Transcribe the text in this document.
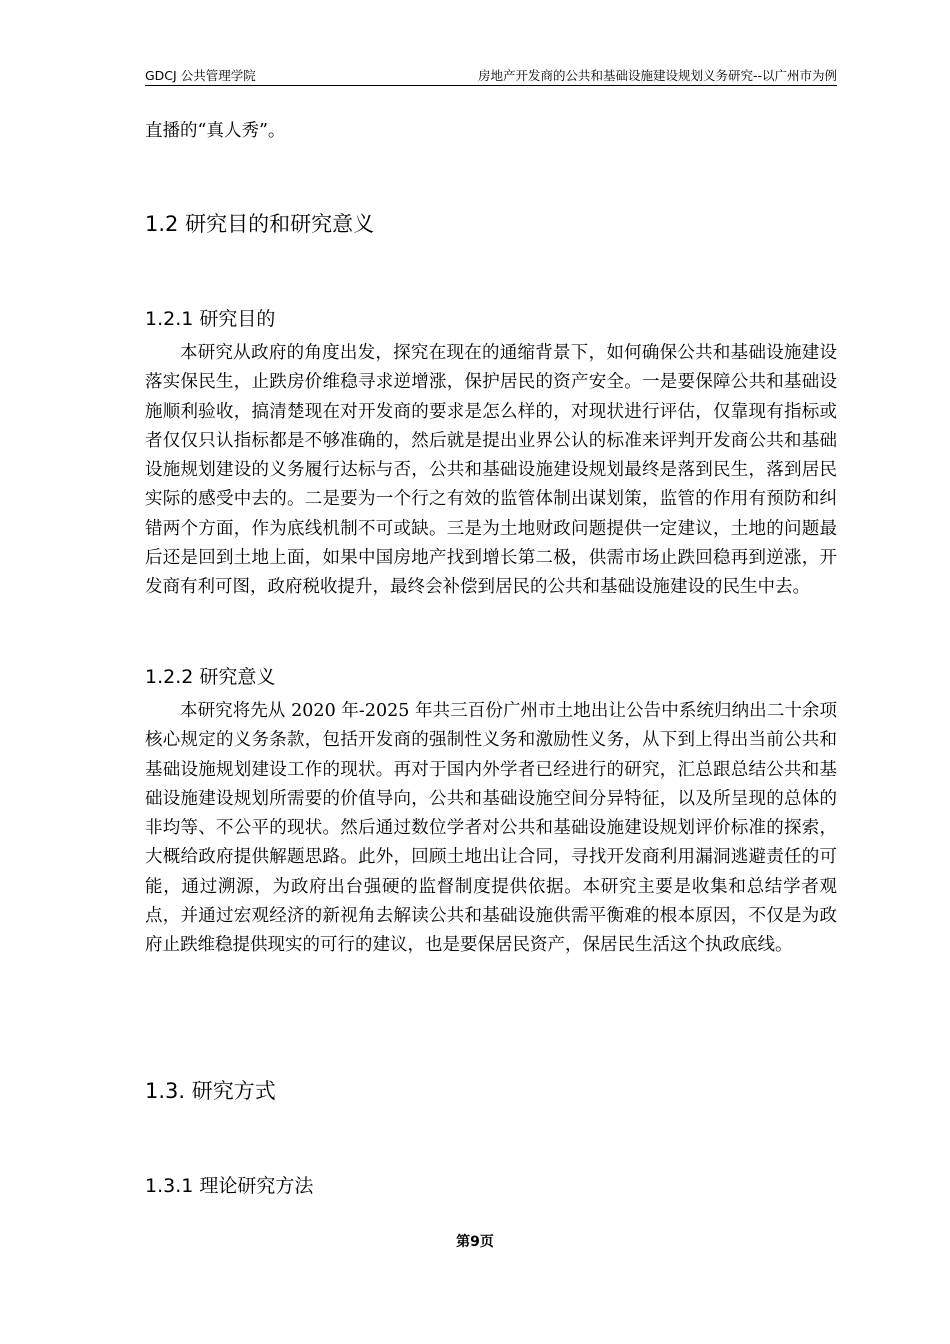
GDCJ 公共管理学院	房地产开发商的公共和基础设施建设规划义务研究--以广州市为例

直播的“真人秀”。

1.2 研究目的和研究意义
1.2.1 研究目的

本研究从政府的角度出发，探究在现在的通缩背景下，如何确保公共和基础设施建设落实保民生，止跌房价维稳寻求逆增涨，保护居民的资产安全。一是要保障公共和基础设施顺利验收，搞清楚现在对开发商的要求是怎么样的，对现状进行评估，仅靠现有指标或者仅仅只认指标都是不够准确的，然后就是提出业界公认的标准来评判开发商公共和基础设施规划建设的义务履行达标与否，公共和基础设施建设规划最终是落到民生，落到居民实际的感受中去的。二是要为一个行之有效的监管体制出谋划策，监管的作用有预防和纠错两个方面，作为底线机制不可或缺。三是为土地财政问题提供一定建议，土地的问题最后还是回到土地上面，如果中国房地产找到增长第二极，供需市场止跌回稳再到逆涨，开发商有利可图，政府税收提升，最终会补偿到居民的公共和基础设施建设的民生中去。

1.2.2 研究意义

本研究将先从 2020 年-2025 年共三百份广州市土地出让公告中系统归纳出二十余项核心规定的义务条款，包括开发商的强制性义务和激励性义务，从下到上得出当前公共和基础设施规划建设工作的现状。再对于国内外学者已经进行的研究，汇总跟总结公共和基础设施建设规划所需要的价值导向，公共和基础设施空间分异特征，以及所呈现的总体的非均等、不公平的现状。然后通过数位学者对公共和基础设施建设规划评价标准的探索，大概给政府提供解题思路。此外，回顾土地出让合同，寻找开发商利用漏洞逃避责任的可能，通过溯源，为政府出台强硬的监督制度提供依据。本研究主要是收集和总结学者观点，并通过宏观经济的新视角去解读公共和基础设施供需平衡难的根本原因，不仅是为政府止跌维稳提供现实的可行的建议，也是要保居民资产，保居民生活这个执政底线。

1.3. 研究方式
1.3.1 理论研究方法
第9页
